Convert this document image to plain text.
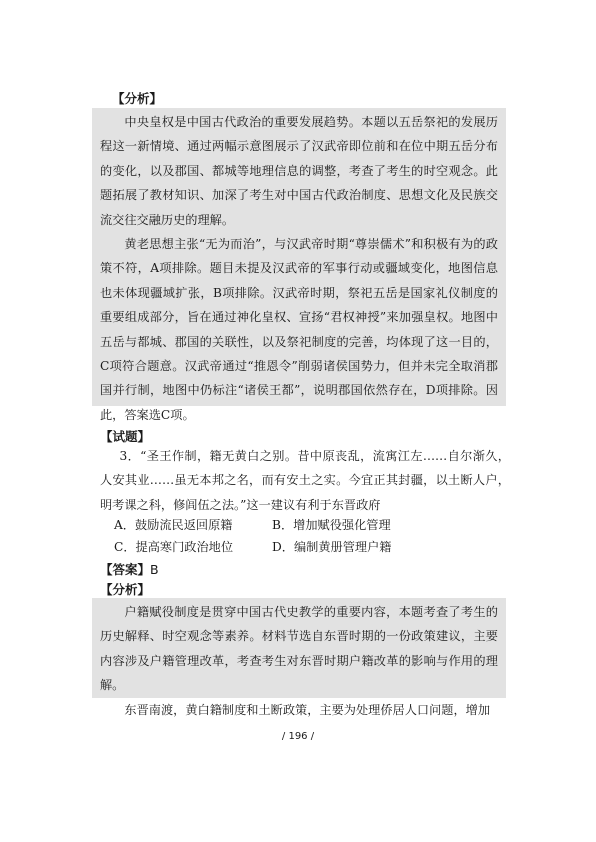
【分析】

中央皇权是中国古代政治的重要发展趋势。本题以五岳祭祀的发展历程这一新情境、通过两幅示意图展示了汉武帝即位前和在位中期五岳分布的变化，以及郡国、都城等地理信息的调整，考查了考生的时空观念。此题拓展了教材知识、加深了考生对中国古代政治制度、思想文化及民族交流交往交融历史的理解。

黄老思想主张“无为而治”，与汉武帝时期“尊崇儒术”和积极有为的政策不符，A项排除。题目未提及汉武帝的军事行动或疆域变化，地图信息也未体现疆域扩张，B项排除。汉武帝时期，祭祀五岳是国家礼仪制度的重要组成部分，旨在通过神化皇权、宣扬“君权神授”来加强皇权。地图中五岳与都城、郡国的关联性，以及祭祀制度的完善，均体现了这一目的，C项符合题意。汉武帝通过“推恩令”削弱诸侯国势力，但并未完全取消郡国并行制，地图中仍标注“诸侯王都”，说明郡国依然存在，D项排除。因此，答案选C项。

【试题】
3．“圣王作制，籍无黄白之别。昔中原丧乱，流寓江左……自尔渐久，人安其业……虽无本邦之名，而有安土之实。今宜正其封疆，以土断人户，明考课之科，修闾伍之法。”这一建议有利于东晋政府
A．鼓励流民返回原籍	B．增加赋役强化管理
C．提高寒门政治地位	D．编制黄册管理户籍
【答案】B
【分析】

户籍赋役制度是贯穿中国古代史教学的重要内容，本题考查了考生的历史解释、时空观念等素养。材料节选自东晋时期的一份政策建议，主要内容涉及户籍管理改革，考查考生对东晋时期户籍改革的影响与作用的理解。

东晋南渡，黄白籍制度和土断政策，主要为处理侨居人口问题，增加

/ 196 /
